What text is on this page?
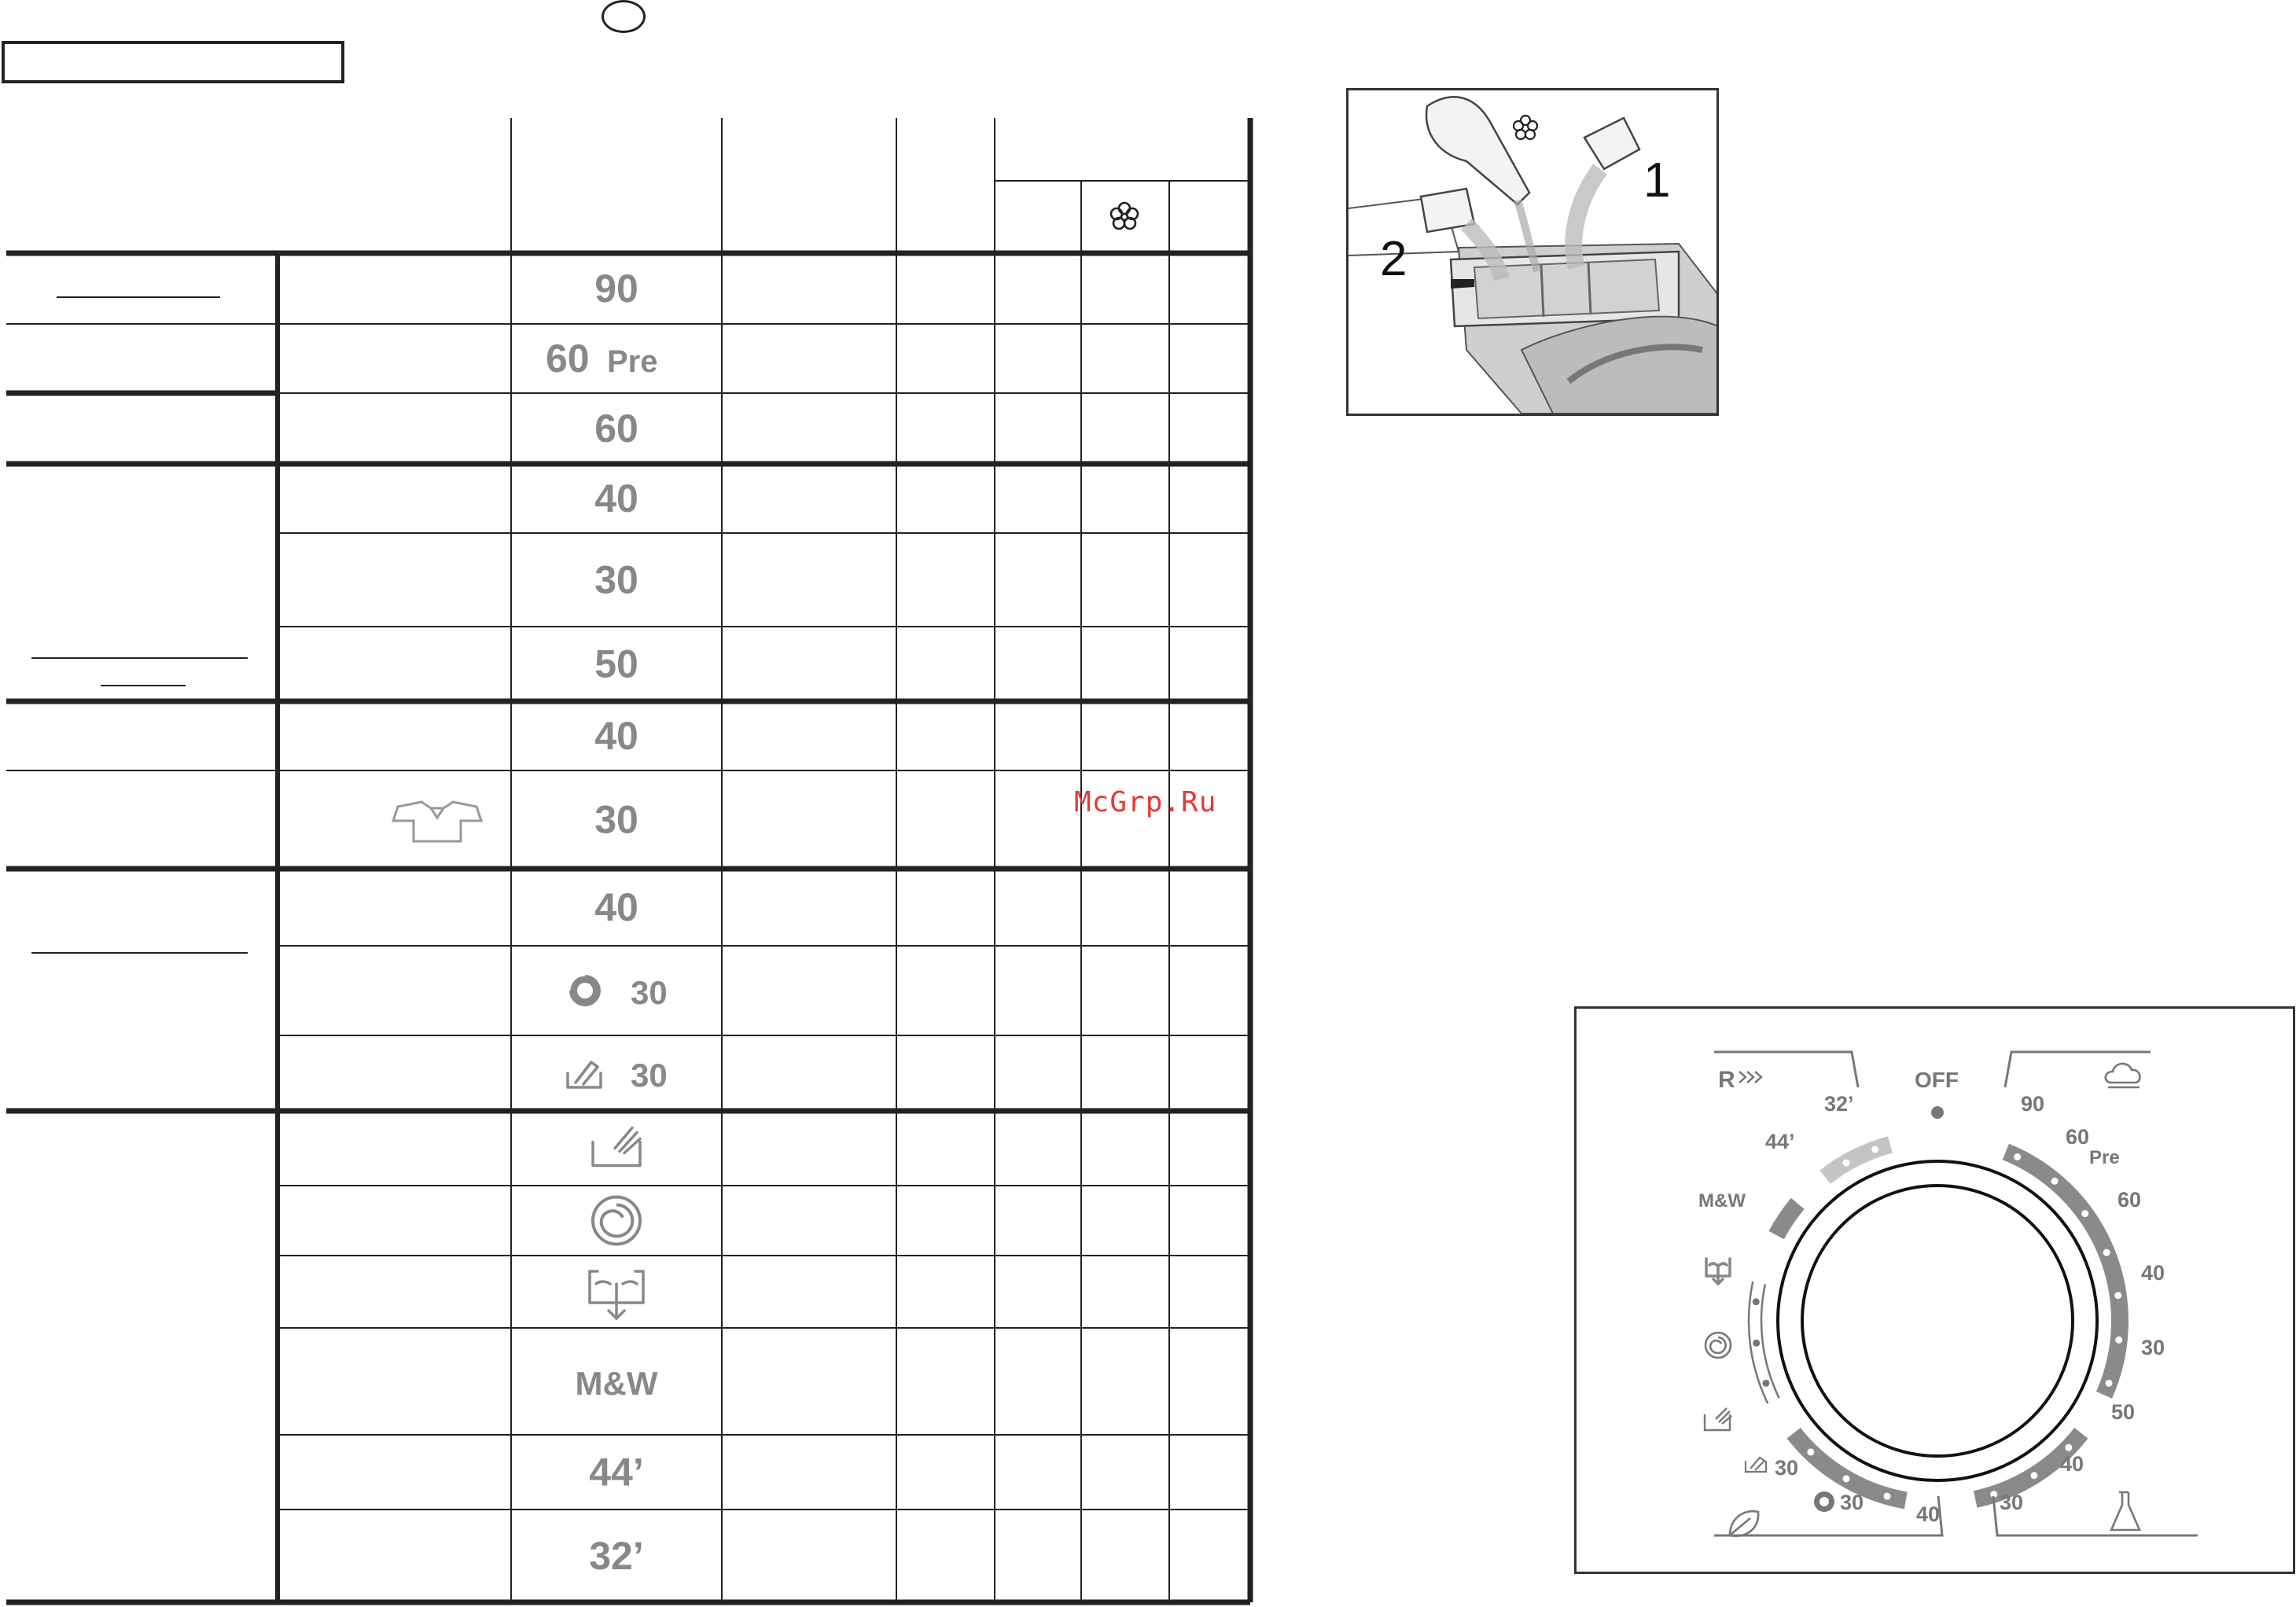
90
60 Pre
60
40
30
50
40
30
40
30
30
M&W
44’
32’
McGrp.Ru
1
2
OFF
R
32’
44’
M&W
30
30 40
90
60
Pre
60
40
30
50
40
30
